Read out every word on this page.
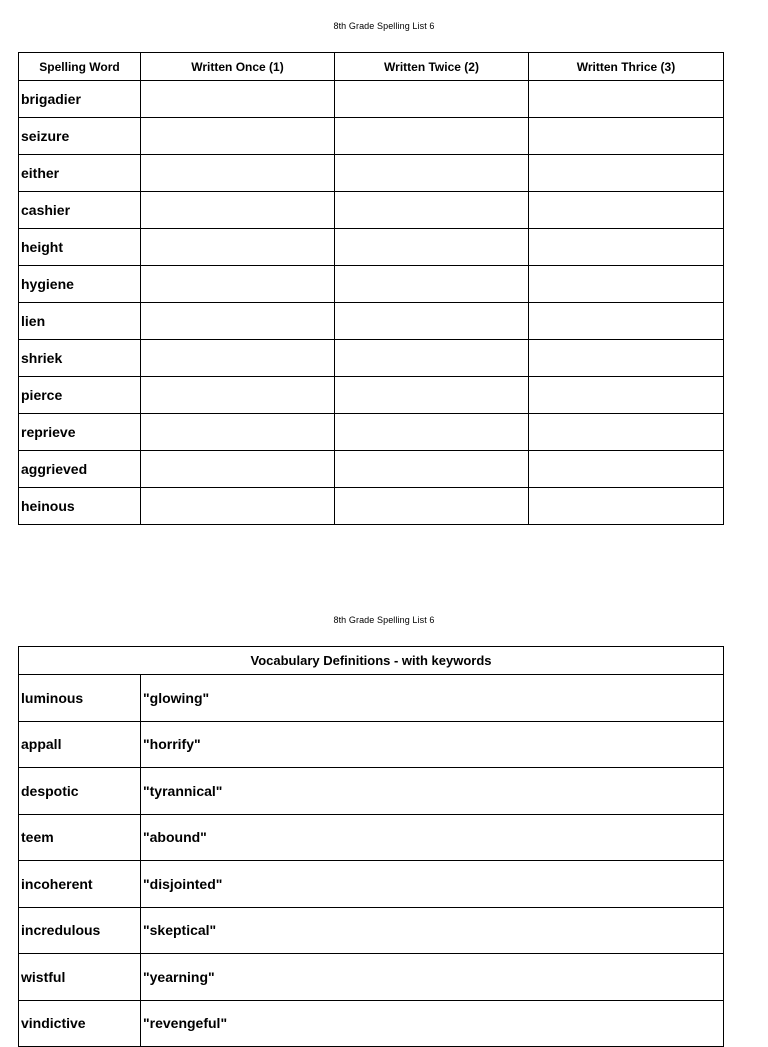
8th Grade Spelling List 6
Spelling Word	Written Once (1)	Written Twice (2)	Written Thrice (3)
brigadier			
seizure			
either			
cashier			
height			
hygiene			
lien			
shriek			
pierce			
reprieve			
aggrieved			
heinous			
8th Grade Spelling List 6
Vocabulary Definitions - with keywords	
luminous	"glowing"
appall	"horrify"
despotic	"tyrannical"
teem	"abound"
incoherent	"disjointed"
incredulous	"skeptical"
wistful	"yearning"
vindictive	"revengeful"
